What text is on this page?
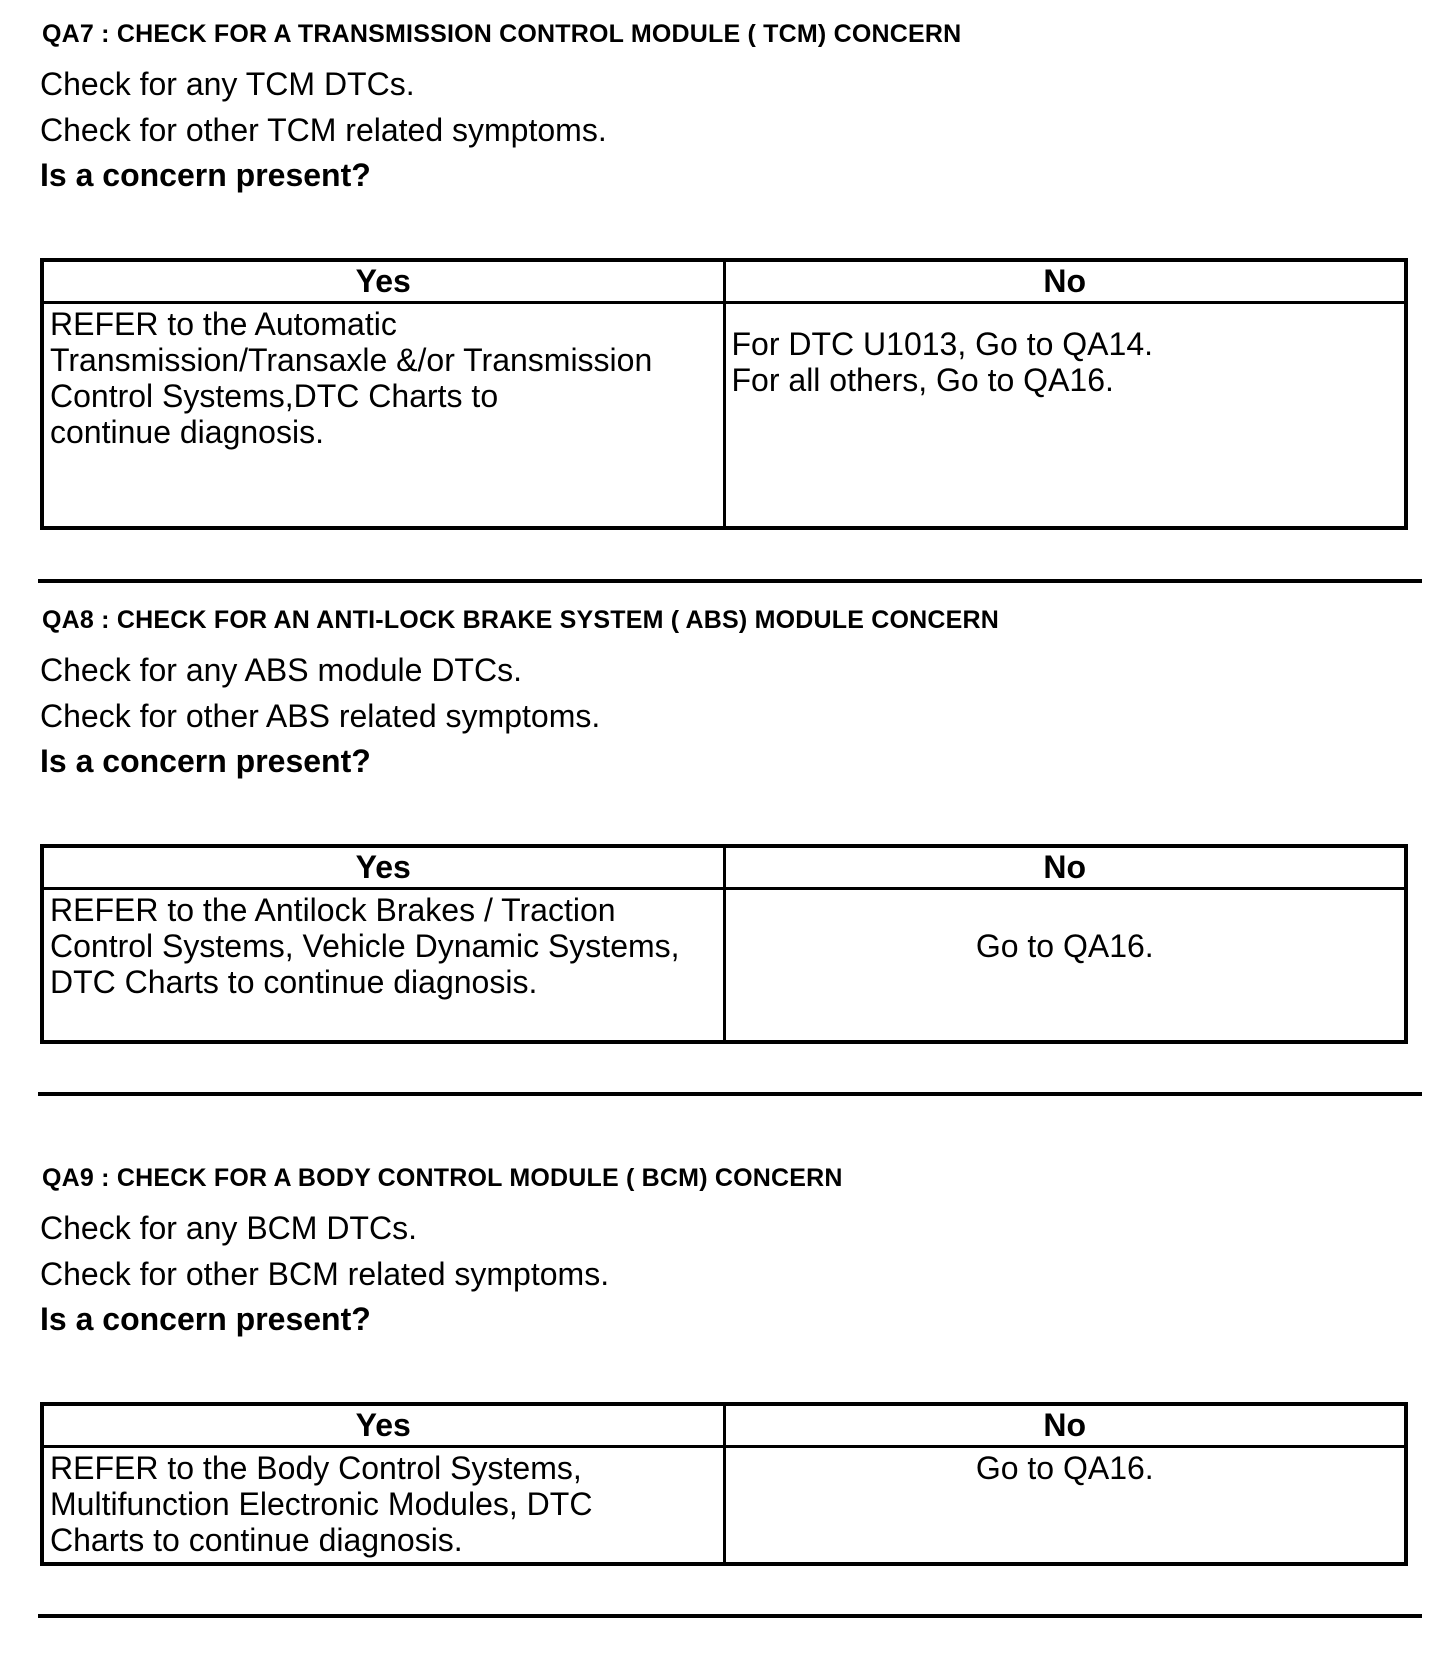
QA7 : CHECK FOR A TRANSMISSION CONTROL MODULE ( TCM) CONCERN
Check for any TCM DTCs.
Check for other TCM related symptoms.
Is a concern present?
Yes	No
REFER to the Automatic
Transmission/Transaxle &/or Transmission
Control Systems,DTC Charts to
continue diagnosis.	For DTC U1013, Go to QA14.
For all others, Go to QA16.
QA8 : CHECK FOR AN ANTI-LOCK BRAKE SYSTEM ( ABS) MODULE CONCERN
Check for any ABS module DTCs.
Check for other ABS related symptoms.
Is a concern present?
Yes	No
REFER to the Antilock Brakes / Traction
Control Systems, Vehicle Dynamic Systems,
DTC Charts to continue diagnosis.	Go to QA16.
QA9 : CHECK FOR A BODY CONTROL MODULE ( BCM) CONCERN
Check for any BCM DTCs.
Check for other BCM related symptoms.
Is a concern present?
Yes	No
REFER to the Body Control Systems,
Multifunction Electronic Modules, DTC
Charts to continue diagnosis.	Go to QA16.
